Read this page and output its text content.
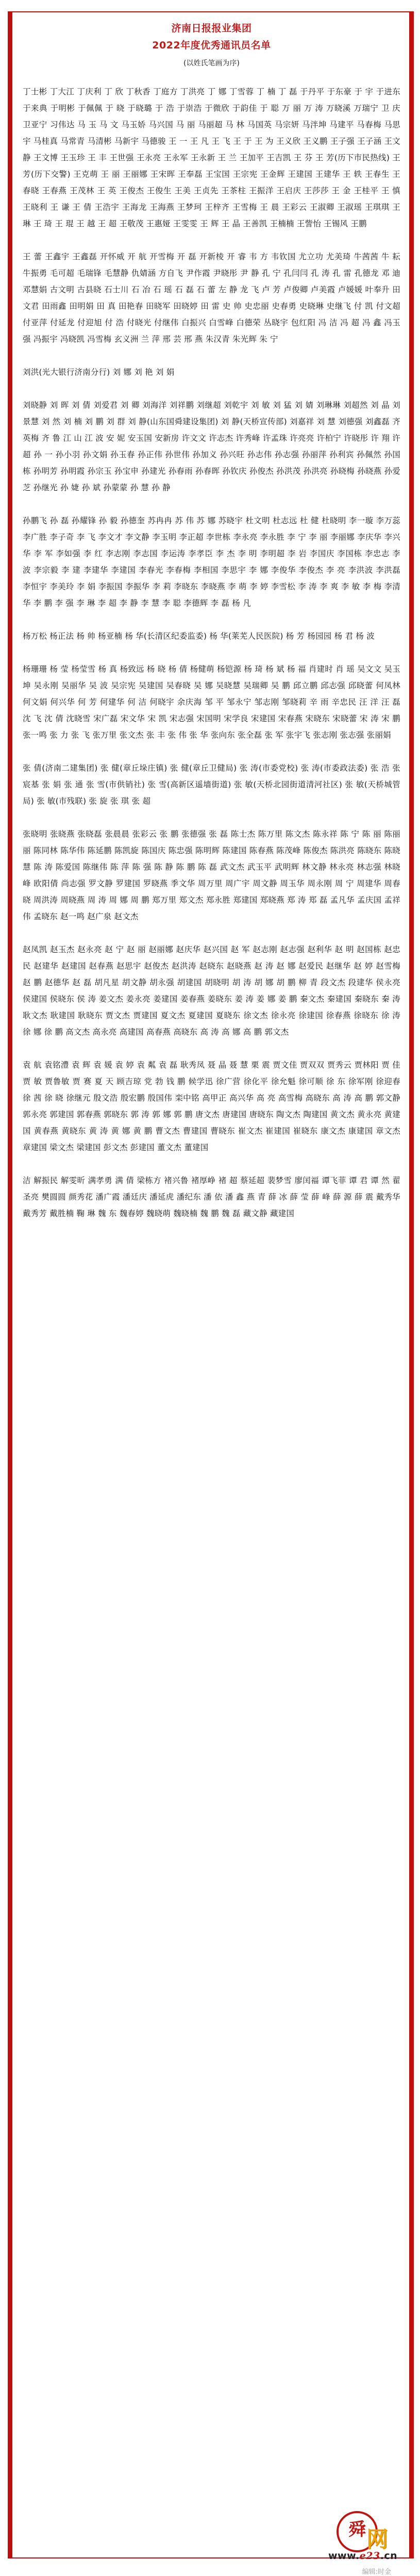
济南日报报业集团
2022年度优秀通讯员名单
(以姓氏笔画为序)

丁士彬 丁大江 丁庆利 丁 欣 丁秋香 丁庭方 丁洪亮 丁 娜 丁雪蓉 丁 楠 丁 磊 于丹平 于东豪 于 宇 于进东 于来典 于明彬 于佩佩 于 晓 于晓璐 于 浩 于崇浩 于微欣 于韵佳 于 聪 万 丽 万 涛 万晓溪 万瑞宁 卫 庆 卫亚宁 习伟达 马 玉 马 文 马玉娇 马兴国 马 丽 马丽超 马 林 马国英 马宗妍 马泮坤 马建平 马春梅 马思宇 马桂真 马常青 马清彬 马新宇 马德骏 王 一 王 凡 王 飞 王 于 王 为 王义欣 王义鹏 王子强 王子涵 王文静 王文博 王玉珍 王 丰 王世强 王永亮 王永军 王永新 王 兰 王加平 王吉凯 王 芬 王 芳(历下市民热线) 王 芳(历下交警) 王克萌 王 丽 王丽娜 王宋晖 王奉磊 王宝国 王宗宪 王金辉 王建国 王建华 王 轶 王春生 王春晓 王春燕 王茂林 王 英 王俊杰 王俊生 王美 王贞先 王茶柱 王振洋 王启庆 王莎莎 王 金 王桂平 王 慎 王晓利 王 谦 王 倩 王浩宇 王海龙 王海燕 王梦珂 王梓齐 王雪梅 王 晨 王彩云 王淑卿 王淑瑶 王琪琪 王 琳 王 琦 王 琨 王 越 王 超 王敬茂 王惠娅 王雯雯 王 辉 王 晶 王善凯 王楠楠 王訾怡 王锡风 王鹏

王 蕾 王鑫宇 王鑫磊 开怀威 开 航 开雪梅 开 磊 开新棱 开 睿 韦 方 韦钦国 尤立功 尤美琦 牛茜茜 牛 耘 牛振勇 毛可超 毛瑞锋 毛慧静 仇婧涵 方自飞 尹作霞 尹晓彤 尹 静 孔 宁 孔闫闫 孔 涛 孔 雷 孔德龙 邓 迪 邓慧娟 古文明 古县晓 石士川 石 冶 石 瑶 石 磊 石 蕾 左 静 龙 飞 卢 芳 卢俊卿 卢美霞 卢媛媛 叶奉升 田文君 田雨鑫 田明娟 田 真 田艳春 田晓军 田晓婷 田 雷 史 帅 史忠丽 史春勇 史晓琳 史继飞 付 凯 付文超 付亚萍 付延龙 付迎旭 付 浩 付晓光 付继伟 白振兴 白雪峰 白德荣 丛晓宇 包红阳 冯 洁 冯 超 冯 鑫 冯玉强 冯振宇 冯晓凯 冯雪梅 玄义洲 兰 萍 邢 芸 邢 燕 朱汉青 朱光辉 朱 宁

刘洪(光大银行济南分行) 刘 娜 刘 艳 刘 娟

刘晓静 刘 晖 刘 倩 刘爱君 刘 卿 刘海洋 刘祥鹏 刘继超 刘乾宇 刘 敏 刘 猛 刘 婧 刘琳琳 刘超然 刘 晶 刘景慧 刘 然 刘 楠 刘 鹏 刘 群 刘 静(山东国舜建设集团) 刘 静(天桥宣传部) 刘嘉祥 刘 慧 刘德强 刘鑫磊 齐英梅 齐 鲁 江 山 江 波 安 妮 安玉国 安新房 许文文 许志杰 许秀峰 许孟珠 许亮亮 许柏宁 许晓彤 许 翔 许 超 孙 一 孙小羽 孙文娟 孙玉春 孙正伟 孙世伟 孙加义 孙兴旺 孙志伟 孙志强 孙丽萍 孙利宾 孙佩然 孙国栋 孙明芳 孙明霞 孙宗玉 孙宝申 孙建光 孙春雨 孙春晖 孙钦庆 孙俊杰 孙洪茂 孙洪亮 孙晓梅 孙晓燕 孙爱芝 孙继光 孙 婕 孙 斌 孙蒙蒙 孙 慧 孙 静

孙鹏飞 孙 磊 孙耀锋 孙 毅 孙德奎 苏冉冉 苏 伟 苏 娜 苏晓宇 杜文明 杜志远 杜 健 杜晓明 李一璇 李万蕊 李广胜 李子奇 李 飞 李文才 李文静 李玉明 李正超 李世栋 李永亮 李永胜 李 宁 李 丽 李丽娜 李庆华 李兴华 李 军 李如强 李 红 李志刚 李志国 李运涛 李孝臣 李 杰 李 明 李明超 李 岩 李国庆 李国栋 李忠志 李 波 李宗毅 李 建 李建华 李建国 李春光 李春梅 李相国 李思宇 李 娜 李俊华 李俊杰 李 亮 李洪波 李洪磊 李恒宇 李美玲 李 娟 李振国 李振华 李 莉 李晓东 李晓燕 李 萌 李 婷 李雪松 李 涛 李 爽 李 敏 李 梅 李清华 李 鹏 李 强 李 琳 李 超 李 静 李 慧 李 聪 李德辉 李 磊 杨 凡

杨万松 杨正法 杨 帅 杨亚楠 杨 华(长清区纪委监委) 杨 华(莱芜人民医院) 杨 芳 杨园园 杨 君 杨 波

杨珊珊 杨 莹 杨莹雪 杨 真 杨致远 杨 晓 杨 倩 杨健萌 杨铠源 杨 琦 杨 斌 杨 福 肖建时 肖 瑶 吴文文 吴玉坤 吴永刚 吴丽华 吴 波 吴宗宪 吴建国 吴春晓 吴 娜 吴晓慧 吴瑞卿 吴 鹏 邱立鹏 邱志强 邱晓蕾 何凤林 何文娟 何兴华 何 芳 何建华 何 洁 何晓宇 余庆海 邹 平 邹永宁 邹志刚 邹晓莉 辛 雨 辛忠民 汪 洋 汪 磊 沈 飞 沈 倩 沈晓雪 宋广磊 宋文华 宋 凯 宋志强 宋国明 宋学良 宋建国 宋春燕 宋晓东 宋晓蕾 宋 涛 宋 鹏 张一鸣 张 力 张 飞 张万里 张文杰 张 丰 张 伟 张 华 张向东 张全磊 张 军 张宇飞 张志刚 张志强 张丽娟

张 倩(济南二建集团) 张 健(章丘垛庄镇) 张 健(章丘卫健局) 张 涛(市委党校) 张 涛(市委政法委) 张 浩 张宸基 张 娟 张 通 张 雪(市供销社) 张 雪(高新区遥墙街道) 张 敏(天桥北园街道清河社区) 张 敏(天桥城管局) 张 敏(市残联) 张 旋 张 琪 张 超

张晓明 张晓燕 张晓磊 张晨晨 张彩云 张 鹏 张德强 张 磊 陈士杰 陈万里 陈文杰 陈永祥 陈 宁 陈 丽 陈丽丽 陈同林 陈华伟 陈延鹏 陈凯旋 陈国庆 陈忠强 陈明辉 陈建国 陈春燕 陈茂峰 陈俊杰 陈洪亮 陈晓东 陈晓慧 陈 涛 陈爱国 陈继伟 陈 萍 陈 强 陈 静 陈 鹏 陈 磊 武文杰 武玉平 武明辉 林文静 林永亮 林志强 林晓峰 欧阳倩 尚志强 罗文静 罗建国 罗晓燕 季文华 周万里 周广宇 周文静 周玉华 周永刚 周 宁 周建华 周春晓 周洪涛 周晓燕 周 涛 周 娜 周 鹏 郑万里 郑文杰 郑永胜 郑建国 郑晓燕 郑 涛 郑 磊 孟凡华 孟庆国 孟祥伟 孟晓东 赵一鸣 赵广泉 赵文杰

赵凤凯 赵玉杰 赵永亮 赵 宁 赵 丽 赵丽娜 赵庆华 赵兴国 赵 军 赵志刚 赵志强 赵利华 赵 明 赵国栋 赵忠民 赵建华 赵建国 赵春燕 赵思宇 赵俊杰 赵洪涛 赵晓东 赵晓燕 赵 涛 赵 娜 赵爱民 赵继华 赵 婷 赵雪梅 赵 鹏 赵德华 赵 磊 胡凡星 胡文静 胡永强 胡建国 胡晓明 胡 涛 胡 娜 胡 鹏 柳 青 段文杰 段建华 侯永亮 侯建国 侯晓东 侯 涛 姜文杰 姜永亮 姜建国 姜春燕 姜晓东 姜 涛 姜 娜 姜 鹏 秦文杰 秦建国 秦晓东 秦 涛 耿文杰 耿建国 耿晓东 贾文杰 贾建国 夏文杰 夏建国 夏晓东 徐文杰 徐永亮 徐建国 徐春燕 徐晓东 徐 涛 徐 娜 徐 鹏 高文杰 高永亮 高建国 高春燕 高晓东 高 涛 高 娜 高 鹏 郭文杰

袁 航 袁铭澧 袁 辉 袁 媛 袁 婷 袁 粼 袁 磊 耿秀凤 聂 晶 聂 慧 栗 震 贾文佳 贾双双 贾秀云 贾林阳 贾 佳 贾 敏 贾鲁敏 贾 赛 夏 天 顾吉琼 党 勃 钱 鹏 候学迅 徐广营 徐化平 徐允魁 徐可顺 徐 东 徐军刚 徐迎春 徐 茜 徐 晓 徐继元 殷文浩 殷宏鹏 殷国伟 栾中铭 高甲正 高兴华 高 亮 高雪梅 高晓东 高 涛 高 鹏 郭文静 郭永亮 郭建国 郭春燕 郭晓东 郭 涛 郭 娜 郭 鹏 唐文杰 唐建国 唐晓东 陶文杰 陶建国 黄文杰 黄永亮 黄建国 黄春燕 黄晓东 黄 涛 黄 娜 黄 鹏 曹文杰 曹建国 曹晓东 崔文杰 崔建国 崔晓东 康文杰 康建国 章文杰 章建国 梁文杰 梁建国 彭文杰 彭建国 董文杰 董建国

洁 解振民 解雯昕 满孝勇 满 倩 梁栋方 褚兴鲁 褚厚峥 褚 超 蔡延超 裴梦雪 廖闰福 谭飞菲 谭 君 谭 然 翟圣亮 樊圆圆 颜秀花 潘广霞 潘廷庆 潘延虎 潘纪东 潘 依 潘 鑫 燕 青 薛 冰 薛 莹 薛 峰 薛 源 薛 震 戴秀华 戴秀芳 戴胜楠 鞠 琳 魏 东 魏春婷 魏晓萌 魏晓楠 魏 鹏 魏 磊 藏文静 藏建国

舜 网
www.e23.cn
编辑:时金
